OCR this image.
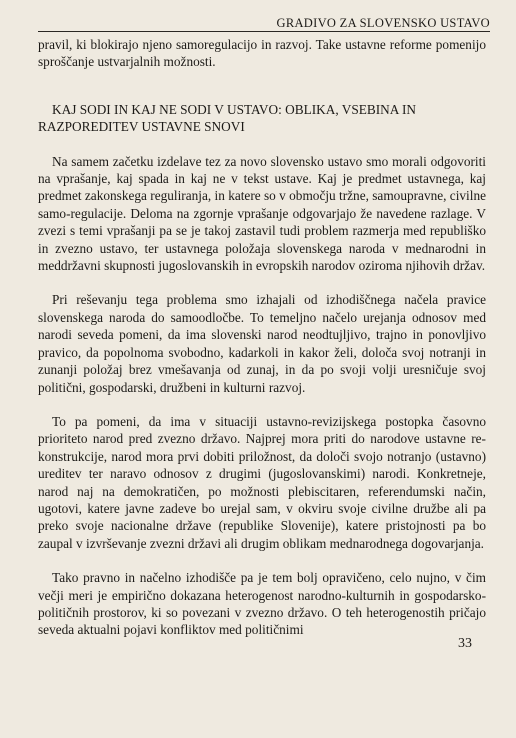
GRADIVO ZA SLOVENSKO USTAVO

pravil, ki blokirajo njeno samoregulacijo in razvoj. Take ustavne reforme pomenijo sproščanje ustvarjalnih možnosti.

KAJ SODI IN KAJ NE SODI V USTAVO: OBLIKA, VSEBINA IN RAZPOREDITEV USTAVNE SNOVI

Na samem začetku izdelave tez za novo slovensko ustavo smo morali odgovoriti na vprašanje, kaj spada in kaj ne v tekst ustave. Kaj je predmet ustavnega, kaj predmet zakonskega reguliranja, in katere so v območju tržne, samoupravne, civilne samo-regulacije. Deloma na zgornje vprašanje odgovarjajo že navedene razlage. V zvezi s temi vprašanji pa se je takoj zastavil tudi problem razmerja med republiško in zvezno ustavo, ter ustavnega položaja slovenskega naroda v mednarodni in meddržavni skupnosti jugoslovanskih in evropskih narodov oziroma njihovih držav.

Pri reševanju tega problema smo izhajali od izhodiščnega načela pravice slovenskega naroda do samoodločbe. To temeljno načelo urejanja odnosov med narodi seveda pomeni, da ima slovenski narod neodtujljivo, trajno in ponovljivo pravico, da popolnoma svobodno, kadarkoli in kakor želi, določa svoj notranji in zunanji položaj brez vmešavanja od zunaj, in da po svoji volji uresničuje svoj politični, gospodarski, družbeni in kulturni razvoj.

To pa pomeni, da ima v situaciji ustavno-revizijskega postopka časovno prioriteto narod pred zvezno državo. Najprej mora priti do narodove ustavne re-konstrukcije, narod mora prvi dobiti priložnost, da določi svojo notranjo (ustavno) ureditev ter naravo odnosov z drugimi (jugoslovanskimi) narodi. Konkretneje, narod naj na demokratičen, po možnosti plebiscitaren, referendumski način, ugotovi, katere javne zadeve bo urejal sam, v okviru svoje civilne družbe ali pa preko svoje nacionalne države (republike Slovenije), katere pristojnosti pa bo zaupal v izvrševanje zvezni državi ali drugim oblikam mednarodnega dogovarjanja.

Tako pravno in načelno izhodišče pa je tem bolj opravičeno, celo nujno, v čim večji meri je empirično dokazana heterogenost narodno-kulturnih in gospodarsko-političnih prostorov, ki so povezani v zvezno državo. O teh heterogenostih pričajo seveda aktualni pojavi konfliktov med političnimi

33
